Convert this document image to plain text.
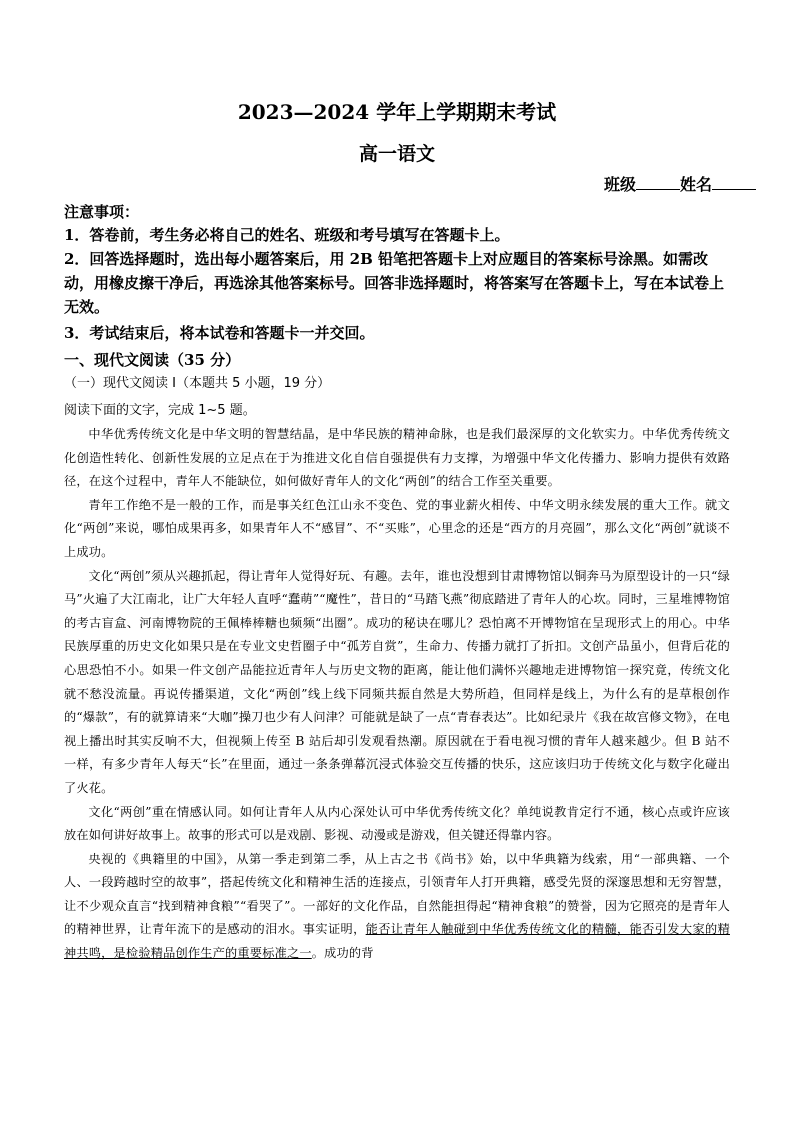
2023—2024 学年上学期期末考试
高一语文
班级	姓名
注意事项：
1．答卷前，考生务必将自己的姓名、班级和考号填写在答题卡上。
2．回答选择题时，选出每小题答案后，用 2B 铅笔把答题卡上对应题目的答案标号涂黑。如需改动，用橡皮擦干净后，再选涂其他答案标号。回答非选择题时，将答案写在答题卡上，写在本试卷上无效。
3．考试结束后，将本试卷和答题卡一并交回。
一、现代文阅读（35 分）
（一）现代文阅读 I（本题共 5 小题，19 分）
阅读下面的文字，完成 1~5 题。

中华优秀传统文化是中华文明的智慧结晶，是中华民族的精神命脉，也是我们最深厚的文化软实力。中华优秀传统文化创造性转化、创新性发展的立足点在于为推进文化自信自强提供有力支撑，为增强中华文化传播力、影响力提供有效路径，在这个过程中，青年人不能缺位，如何做好青年人的文化“两创”的结合工作至关重要。

青年工作绝不是一般的工作，而是事关红色江山永不变色、党的事业薪火相传、中华文明永续发展的重大工作。就文化“两创”来说，哪怕成果再多，如果青年人不“感冒”、不“买账”，心里念的还是“西方的月亮圆”，那么文化“两创”就谈不上成功。

文化“两创”须从兴趣抓起，得让青年人觉得好玩、有趣。去年，谁也没想到甘肃博物馆以铜奔马为原型设计的一只“绿马”火遍了大江南北，让广大年轻人直呼“蠢萌”“魔性”，昔日的“马踏飞燕”彻底踏进了青年人的心坎。同时，三星堆博物馆的考古盲盒、河南博物院的王佩棒棒糖也频频“出圈”。成功的秘诀在哪儿？恐怕离不开博物馆在呈现形式上的用心。中华民族厚重的历史文化如果只是在专业文史哲圈子中“孤芳自赏”，生命力、传播力就打了折扣。文创产品虽小，但背后花的心思恐怕不小。如果一件文创产品能拉近青年人与历史文物的距离，能让他们满怀兴趣地走进博物馆一探究竟，传统文化就不愁没流量。再说传播渠道，文化“两创”线上线下同频共振自然是大势所趋，但同样是线上，为什么有的是草根创作的“爆款”，有的就算请来“大咖”操刀也少有人问津？可能就是缺了一点“青春表达”。比如纪录片《我在故宫修文物》，在电视上播出时其实反响不大，但视频上传至 B 站后却引发观看热潮。原因就在于看电视习惯的青年人越来越少。但 B 站不一样，有多少青年人每天“长”在里面，通过一条条弹幕沉浸式体验交互传播的快乐，这应该归功于传统文化与数字化碰出了火花。

文化“两创”重在情感认同。如何让青年人从内心深处认可中华优秀传统文化？单纯说教肯定行不通，核心点或许应该放在如何讲好故事上。故事的形式可以是戏剧、影视、动漫或是游戏，但关键还得靠内容。

央视的《典籍里的中国》，从第一季走到第二季，从上古之书《尚书》始，以中华典籍为线索，用“一部典籍、一个人、一段跨越时空的故事”，搭起传统文化和精神生活的连接点，引领青年人打开典籍，感受先贤的深邃思想和无穷智慧，让不少观众直言“找到精神食粮”“看哭了”。一部好的文化作品，自然能担得起“精神食粮”的赞誉，因为它照亮的是青年人的精神世界，让青年流下的是感动的泪水。事实证明，能否让青年人触碰到中华优秀传统文化的精髓，能否引发大家的精神共鸣，是检验精品创作生产的重要标准之一。成功的背
